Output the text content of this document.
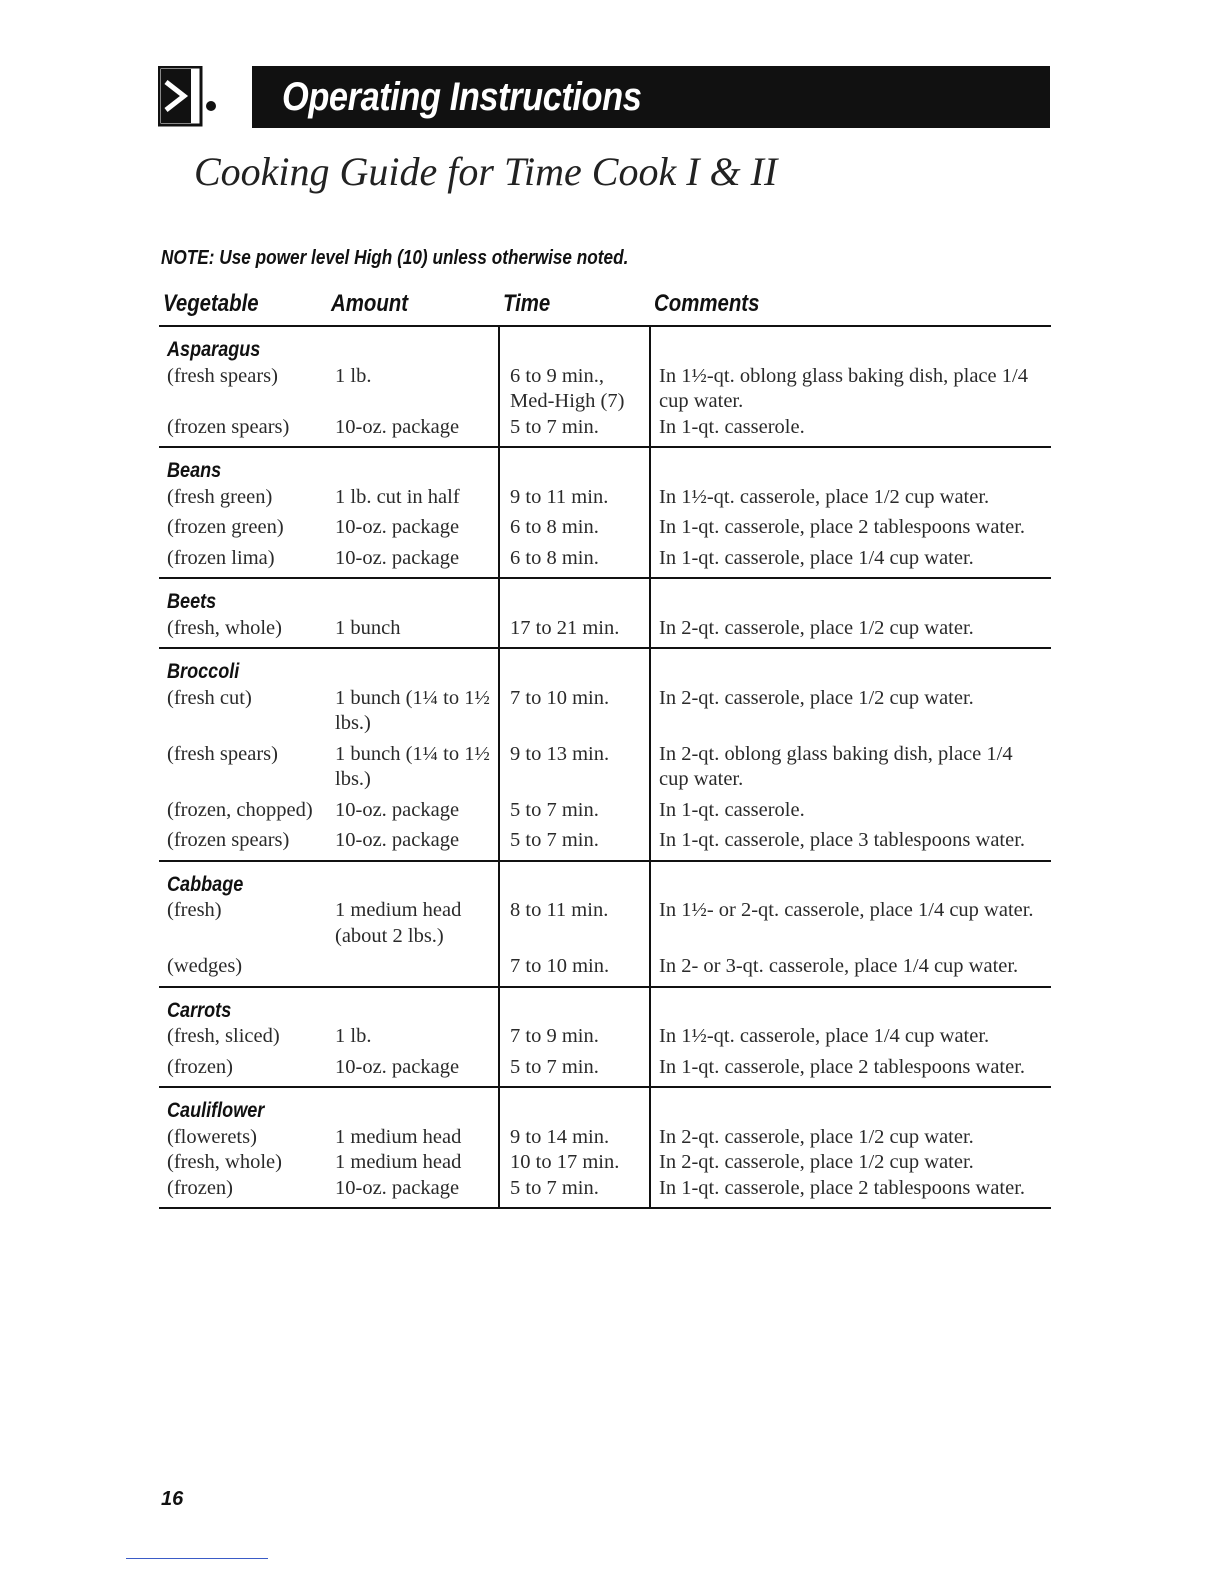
Operating Instructions
Cooking Guide for Time Cook I & II

NOTE: Use power level High (10) unless otherwise noted.

Vegetable	Amount	Time	Comments
Asparagus			
(fresh spears)	1 lb.	6 to 9 min., Med-High (7)	In 1½-qt. oblong glass baking dish, place 1/4 cup water.
(frozen spears)	10-oz. package	5 to 7 min.	In 1-qt. casserole.
Beans			
(fresh green)	1 lb. cut in half	9 to 11 min.	In 1½-qt. casserole, place 1/2 cup water.
(frozen green)	10-oz. package	6 to 8 min.	In 1-qt. casserole, place 2 tablespoons water.
(frozen lima)	10-oz. package	6 to 8 min.	In 1-qt. casserole, place 1/4 cup water.
Beets			
(fresh, whole)	1 bunch	17 to 21 min.	In 2-qt. casserole, place 1/2 cup water.
Broccoli			
(fresh cut)	1 bunch (1¼ to 1½ lbs.)	7 to 10 min.	In 2-qt. casserole, place 1/2 cup water.
(fresh spears)	1 bunch (1¼ to 1½ lbs.)	9 to 13 min.	In 2-qt. oblong glass baking dish, place 1/4 cup water.
(frozen, chopped)	10-oz. package	5 to 7 min.	In 1-qt. casserole.
(frozen spears)	10-oz. package	5 to 7 min.	In 1-qt. casserole, place 3 tablespoons water.
Cabbage			
(fresh)	1 medium head (about 2 lbs.)	8 to 11 min.	In 1½- or 2-qt. casserole, place 1/4 cup water.
(wedges)		7 to 10 min.	In 2- or 3-qt. casserole, place 1/4 cup water.
Carrots			
(fresh, sliced)	1 lb.	7 to 9 min.	In 1½-qt. casserole, place 1/4 cup water.
(frozen)	10-oz. package	5 to 7 min.	In 1-qt. casserole, place 2 tablespoons water.
Cauliflower			
(flowerets)	1 medium head	9 to 14 min.	In 2-qt. casserole, place 1/2 cup water.
(fresh, whole)	1 medium head	10 to 17 min.	In 2-qt. casserole, place 1/2 cup water.
(frozen)	10-oz. package	5 to 7 min.	In 1-qt. casserole, place 2 tablespoons water.
16
